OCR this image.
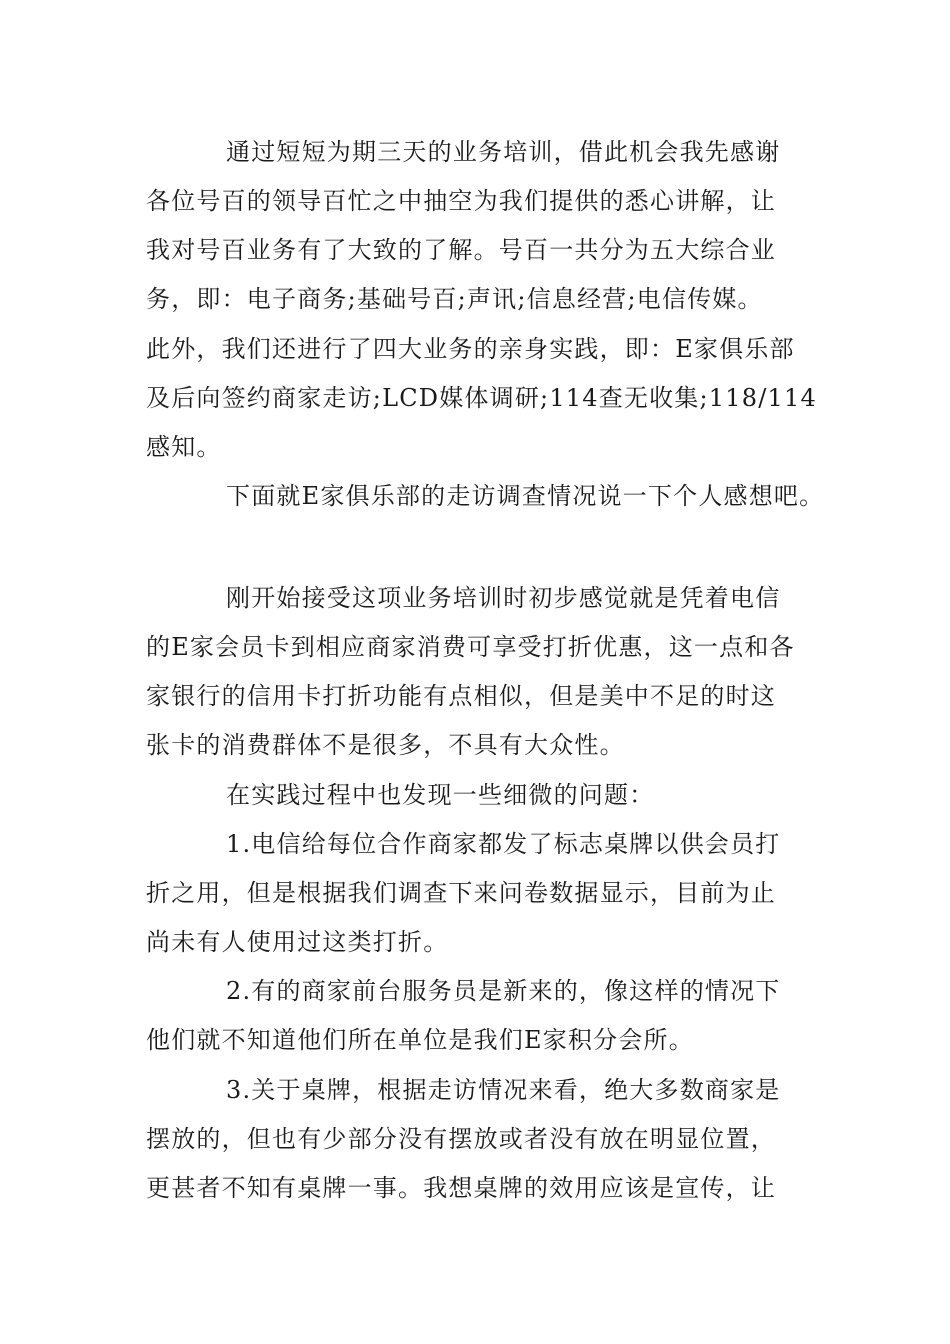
通过短短为期三天的业务培训，借此机会我先感谢

各位号百的领导百忙之中抽空为我们提供的悉心讲解，让

我对号百业务有了大致的了解。号百一共分为五大综合业

务，即：电子商务;基础号百;声讯;信息经营;电信传媒。

此外，我们还进行了四大业务的亲身实践，即：E家俱乐部

及后向签约商家走访;LCD媒体调研;114查无收集;118/114

感知。

下面就E家俱乐部的走访调查情况说一下个人感想吧。

刚开始接受这项业务培训时初步感觉就是凭着电信

的E家会员卡到相应商家消费可享受打折优惠，这一点和各

家银行的信用卡打折功能有点相似，但是美中不足的时这

张卡的消费群体不是很多，不具有大众性。

在实践过程中也发现一些细微的问题：

1.电信给每位合作商家都发了标志桌牌以供会员打

折之用，但是根据我们调查下来问卷数据显示，目前为止

尚未有人使用过这类打折。

2.有的商家前台服务员是新来的，像这样的情况下

他们就不知道他们所在单位是我们E家积分会所。

3.关于桌牌，根据走访情况来看，绝大多数商家是

摆放的，但也有少部分没有摆放或者没有放在明显位置，

更甚者不知有桌牌一事。我想桌牌的效用应该是宣传，让
